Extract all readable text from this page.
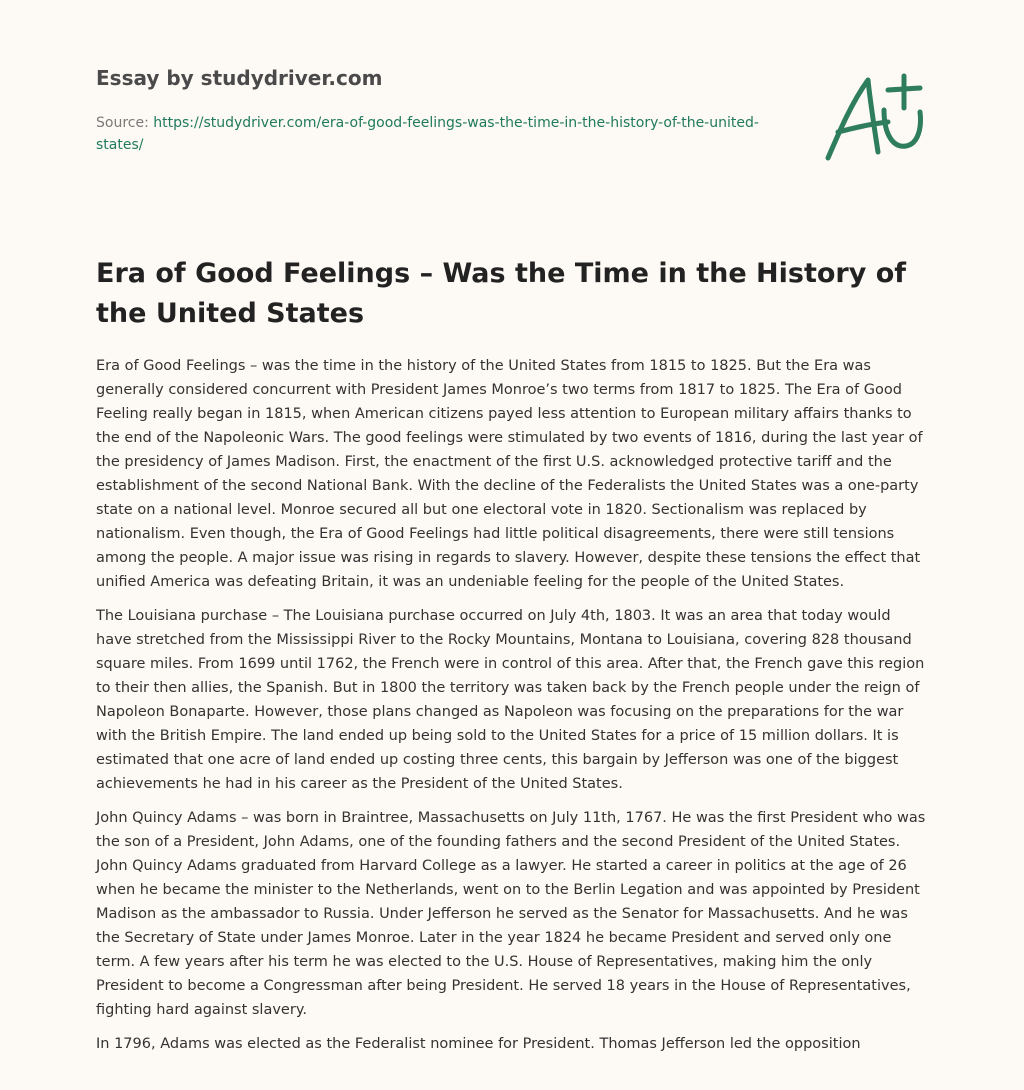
Essay by studydriver.com
Source: https://studydriver.com/era-of-good-feelings-was-the-time-in-the-history-of-the-united-states/
Era of Good Feelings – Was the Time in the History of the United States

Era of Good Feelings – was the time in the history of the United States from 1815 to 1825. But the Era was generally considered concurrent with President James Monroe’s two terms from 1817 to 1825. The Era of Good Feeling really began in 1815, when American citizens payed less attention to European military affairs thanks to the end of the Napoleonic Wars. The good feelings were stimulated by two events of 1816, during the last year of the presidency of James Madison. First, the enactment of the first U.S. acknowledged protective tariff and the establishment of the second National Bank. With the decline of the Federalists the United States was a one-party state on a national level. Monroe secured all but one electoral vote in 1820. Sectionalism was replaced by nationalism. Even though, the Era of Good Feelings had little political disagreements, there were still tensions among the people. A major issue was rising in regards to slavery. However, despite these tensions the effect that unified America was defeating Britain, it was an undeniable feeling for the people of the United States.

The Louisiana purchase – The Louisiana purchase occurred on July 4th, 1803. It was an area that today would have stretched from the Mississippi River to the Rocky Mountains, Montana to Louisiana, covering 828 thousand square miles. From 1699 until 1762, the French were in control of this area. After that, the French gave this region to their then allies, the Spanish. But in 1800 the territory was taken back by the French people under the reign of Napoleon Bonaparte. However, those plans changed as Napoleon was focusing on the preparations for the war with the British Empire. The land ended up being sold to the United States for a price of 15 million dollars. It is estimated that one acre of land ended up costing three cents, this bargain by Jefferson was one of the biggest achievements he had in his career as the President of the United States.

John Quincy Adams – was born in Braintree, Massachusetts on July 11th, 1767. He was the first President who was the son of a President, John Adams, one of the founding fathers and the second President of the United States. John Quincy Adams graduated from Harvard College as a lawyer. He started a career in politics at the age of 26 when he became the minister to the Netherlands, went on to the Berlin Legation and was appointed by President Madison as the ambassador to Russia. Under Jefferson he served as the Senator for Massachusetts. And he was the Secretary of State under James Monroe. Later in the year 1824 he became President and served only one term. A few years after his term he was elected to the U.S. House of Representatives, making him the only President to become a Congressman after being President. He served 18 years in the House of Representatives, fighting hard against slavery.

In 1796, Adams was elected as the Federalist nominee for President. Thomas Jefferson led the opposition
